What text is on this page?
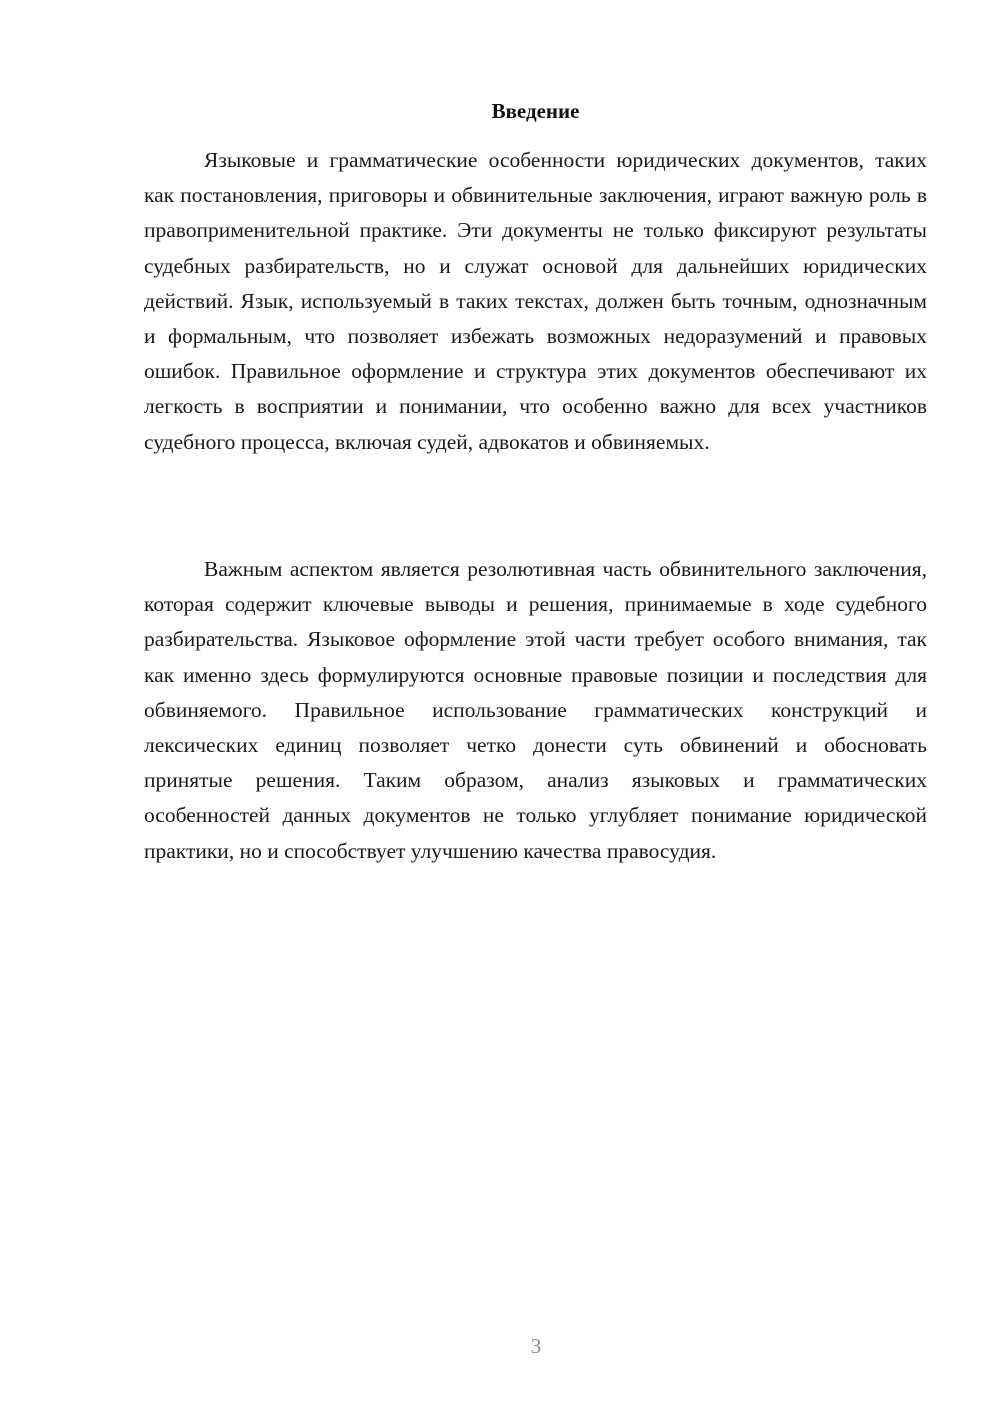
Введение

Языковые и грамматические особенности юридических документов, таких как постановления, приговоры и обвинительные заключения, играют важную роль в правоприменительной практике. Эти документы не только фиксируют результаты судебных разбирательств, но и служат основой для дальнейших юридических действий. Язык, используемый в таких текстах, должен быть точным, однозначным и формальным, что позволяет избежать возможных недоразумений и правовых ошибок. Правильное оформление и структура этих документов обеспечивают их легкость в восприятии и понимании, что особенно важно для всех участников судебного процесса, включая судей, адвокатов и обвиняемых.

Важным аспектом является резолютивная часть обвинительного заключения, которая содержит ключевые выводы и решения, принимаемые в ходе судебного разбирательства. Языковое оформление этой части требует особого внимания, так как именно здесь формулируются основные правовые позиции и последствия для обвиняемого. Правильное использование грамматических конструкций и лексических единиц позволяет четко донести суть обвинений и обосновать принятые решения. Таким образом, анализ языковых и грамматических особенностей данных документов не только углубляет понимание юридической практики, но и способствует улучшению качества правосудия.

3
